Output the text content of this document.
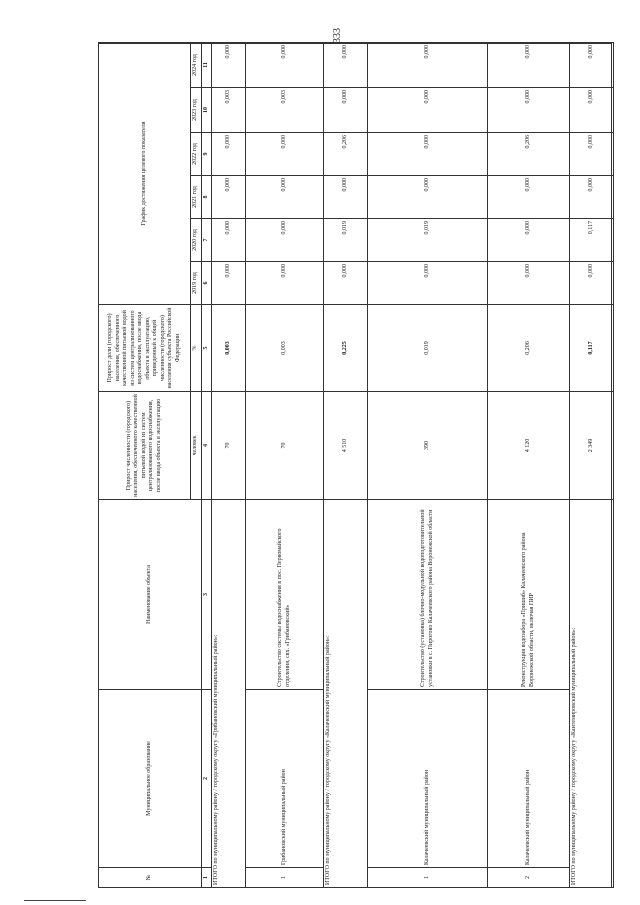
333
№	Муниципальное образование	Наименование объекта	Прирост численности (городского) населения, обеспеченного качественной питьевой водой из систем централизованного водоснабжения, после ввода объекта в эксплуатацию	Прирост доли (городского) населения, обеспеченного качественной питьевой водой из систем централизованного водоснабжения, после ввода объекта в эксплуатацию, приведенный к общей численности (городского) населения субъекта Российской Федерации	График достижения целевого показателя					
			человек	%	2019 год	2020 год	2021 год	2022 год	2023 год	2024 год
1	2	3	4	5	6	7	8	9	10	11
ИТОГО по муниципальному району / городскому округу «Грибановский муниципальный район»:			70	0,003	0,000	0,000	0,000	0,000	0,003	0,000
1	Грибановский муниципальный район	Строительство системы водоснабжения в пос. Первомайского отделения, свх. «Грибановский»	70	0,003	0,000	0,000	0,000	0,000	0,003	0,000
ИТОГО по муниципальному району / городскому округу «Калачеевский муниципальный район»:			4 510	0,225	0,000	0,019	0,000	0,206	0,000	0,000
1	Калачеевский муниципальный район	Строительство (установка) блочно-модульной водоподготовительной установки в с. Пирогово Калачеевского района Воронежской области	390	0,019	0,000	0,019	0,000	0,000	0,000	0,000
2	Калачеевский муниципальный район	Реконструкция водозабора «Пришиб» Калачеевского района Воронежской области, включая ПИР	4 120	0,206	0,000	0,000	0,000	0,206	0,000	0,000
ИТОГО по муниципальному району / городскому округу «Кантемировский муниципальный район»:			2 349	0,117	0,000	0,117	0,000	0,000	0,000	0,000
